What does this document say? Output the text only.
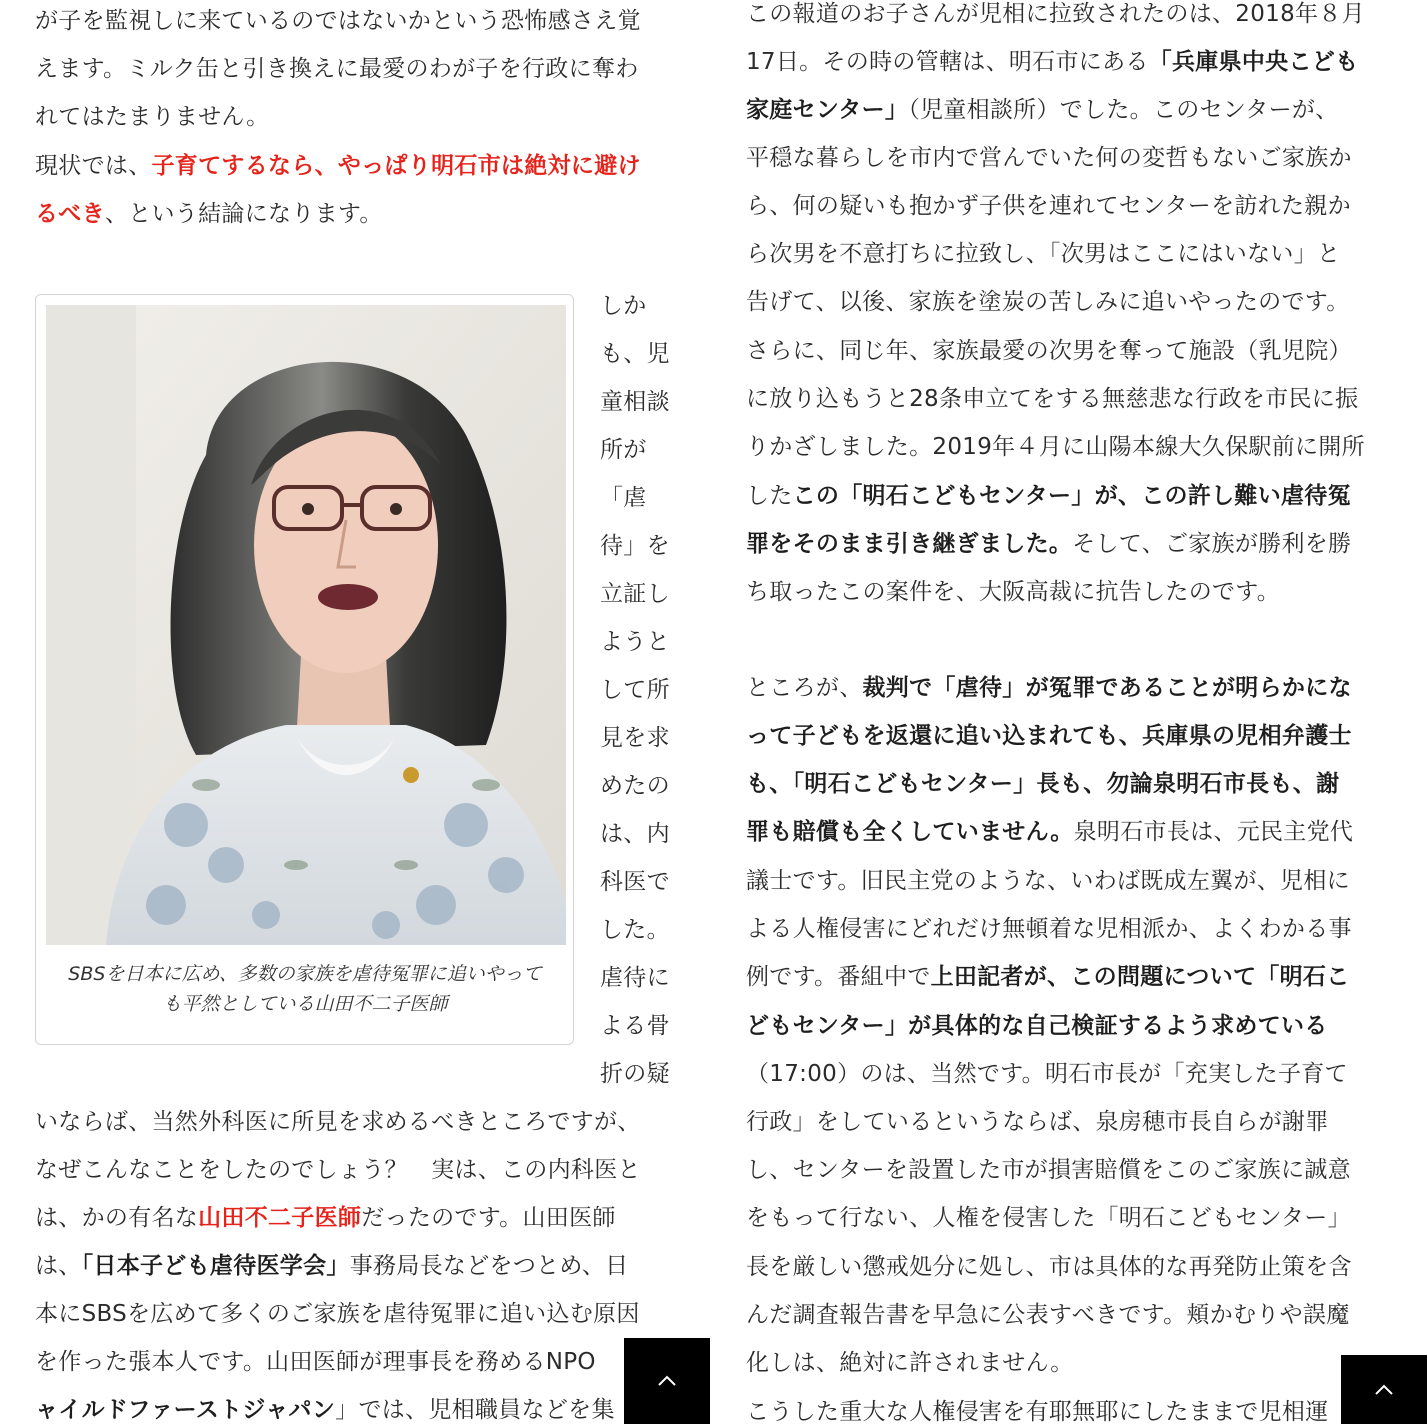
が子を監視しに来ているのではないかという恐怖感さえ覚
えます。ミルク缶と引き換えに最愛のわが子を行政に奪わ
れてはたまりません。
現状では、子育てするなら、やっぱり明石市は絶対に避け
るべき、という結論になります。
SBSを日本に広め、多数の家族を虐待冤罪に追いやって
も平然としている山田不二子医師
しか
も、児
童相談
所が
「虐
待」を
立証し
ようと
して所
見を求
めたの
は、内
科医で
した。
虐待に
よる骨
折の疑
いならば、当然外科医に所見を求めるべきところですが、
なぜこんなことをしたのでしょう？　実は、この内科医と
は、かの有名な山田不二子医師だったのです。山田医師
は、「日本子ども虐待医学会」事務局長などをつとめ、日
本にSBSを広めて多くのご家族を虐待冤罪に追い込む原因
を作った張本人です。山田医師が理事長を務めるNPO
ャイルドファーストジャパン」では、児相職員などを集
この報道のお子さんが児相に拉致されたのは、2018年８月
17日。その時の管轄は、明石市にある「兵庫県中央こども
家庭センター」（児童相談所）でした。このセンターが、
平穏な暮らしを市内で営んでいた何の変哲もないご家族か
ら、何の疑いも抱かず子供を連れてセンターを訪れた親か
ら次男を不意打ちに拉致し、「次男はここにはいない」と
告げて、以後、家族を塗炭の苦しみに追いやったのです。
さらに、同じ年、家族最愛の次男を奪って施設（乳児院）
に放り込もうと28条申立てをする無慈悲な行政を市民に振
りかざしました。2019年４月に山陽本線大久保駅前に開所
したこの「明石こどもセンター」が、この許し難い虐待冤
罪をそのまま引き継ぎました。そして、ご家族が勝利を勝
ち取ったこの案件を、大阪高裁に抗告したのです。
ところが、裁判で「虐待」が冤罪であることが明らかにな
って子どもを返還に追い込まれても、兵庫県の児相弁護士
も、「明石こどもセンター」長も、勿論泉明石市長も、謝
罪も賠償も全くしていません。泉明石市長は、元民主党代
議士です。旧民主党のような、いわば既成左翼が、児相に
よる人権侵害にどれだけ無頓着な児相派か、よくわかる事
例です。番組中で上田記者が、この問題について「明石こ
どもセンター」が具体的な自己検証するよう求めている
（17:00）のは、当然です。明石市長が「充実した子育て
行政」をしているというならば、泉房穂市長自らが謝罪
し、センターを設置した市が損害賠償をこのご家族に誠意
をもって行ない、人権を侵害した「明石こどもセンター」
長を厳しい懲戒処分に処し、市は具体的な再発防止策を含
んだ調査報告書を早急に公表すべきです。頬かむりや誤魔
化しは、絶対に許されません。
こうした重大な人権侵害を有耶無耶にしたままで児相運
